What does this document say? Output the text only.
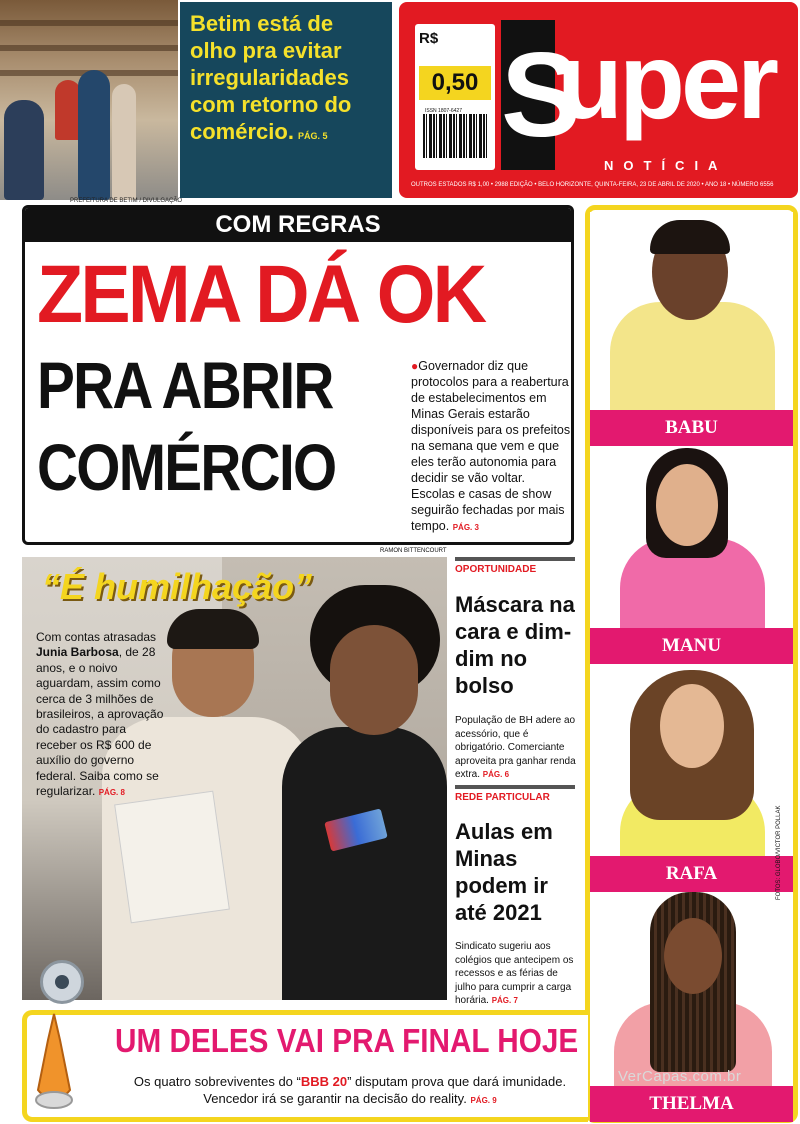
PREFEITURA DE BETIM / DIVULGAÇÃO
Betim está de olho pra evitar irregularidades com retorno do comércio. PÁG. 5
R$
0,50
ISSN 1807-6427 S
uper
NOTÍCIA
OUTROS ESTADOS R$ 1,00 • 2988 EDIÇÃO • BELO HORIZONTE, QUINTA-FEIRA, 23 DE ABRIL DE 2020 • ANO 18 • NÚMERO 6556
COM REGRAS
ZEMA DÁ OK
PRA ABRIR
COMÉRCIO
●Governador diz que protocolos para a reabertura de estabelecimentos em Minas Gerais estarão disponíveis para os prefeitos na semana que vem e que eles terão autonomia para decidir se vão voltar. Escolas e casas de show seguirão fechadas por mais tempo. PÁG. 3
RAMON BITTENCOURT
“É humilhação”
Com contas atrasadas Junia Barbosa, de 28 anos, e o noivo aguardam, assim como cerca de 3 milhões de brasileiros, a aprovação do cadastro para receber os R$ 600 de auxílio do governo federal. Saiba como se regularizar. PÁG. 8
OPORTUNIDADE
Máscara na cara e dim-dim no bolso
População de BH adere ao acessório, que é obrigatório. Comerciante aproveita pra ganhar renda extra. PÁG. 6
REDE PARTICULAR
Aulas em Minas podem ir até 2021
Sindicato sugeriu aos colégios que antecipem os recessos e as férias de julho para cumprir a carga horária. PÁG. 7
BABU
MANU
RAFA
THELMA
FOTOS: GLOBO/VICTOR POLLAK
UM DELES VAI PRA FINAL HOJE
Os quatro sobreviventes do “BBB 20” disputam prova que dará imunidade. Vencedor irá se garantir na decisão do reality. PÁG. 9
VerCapas.com.br
